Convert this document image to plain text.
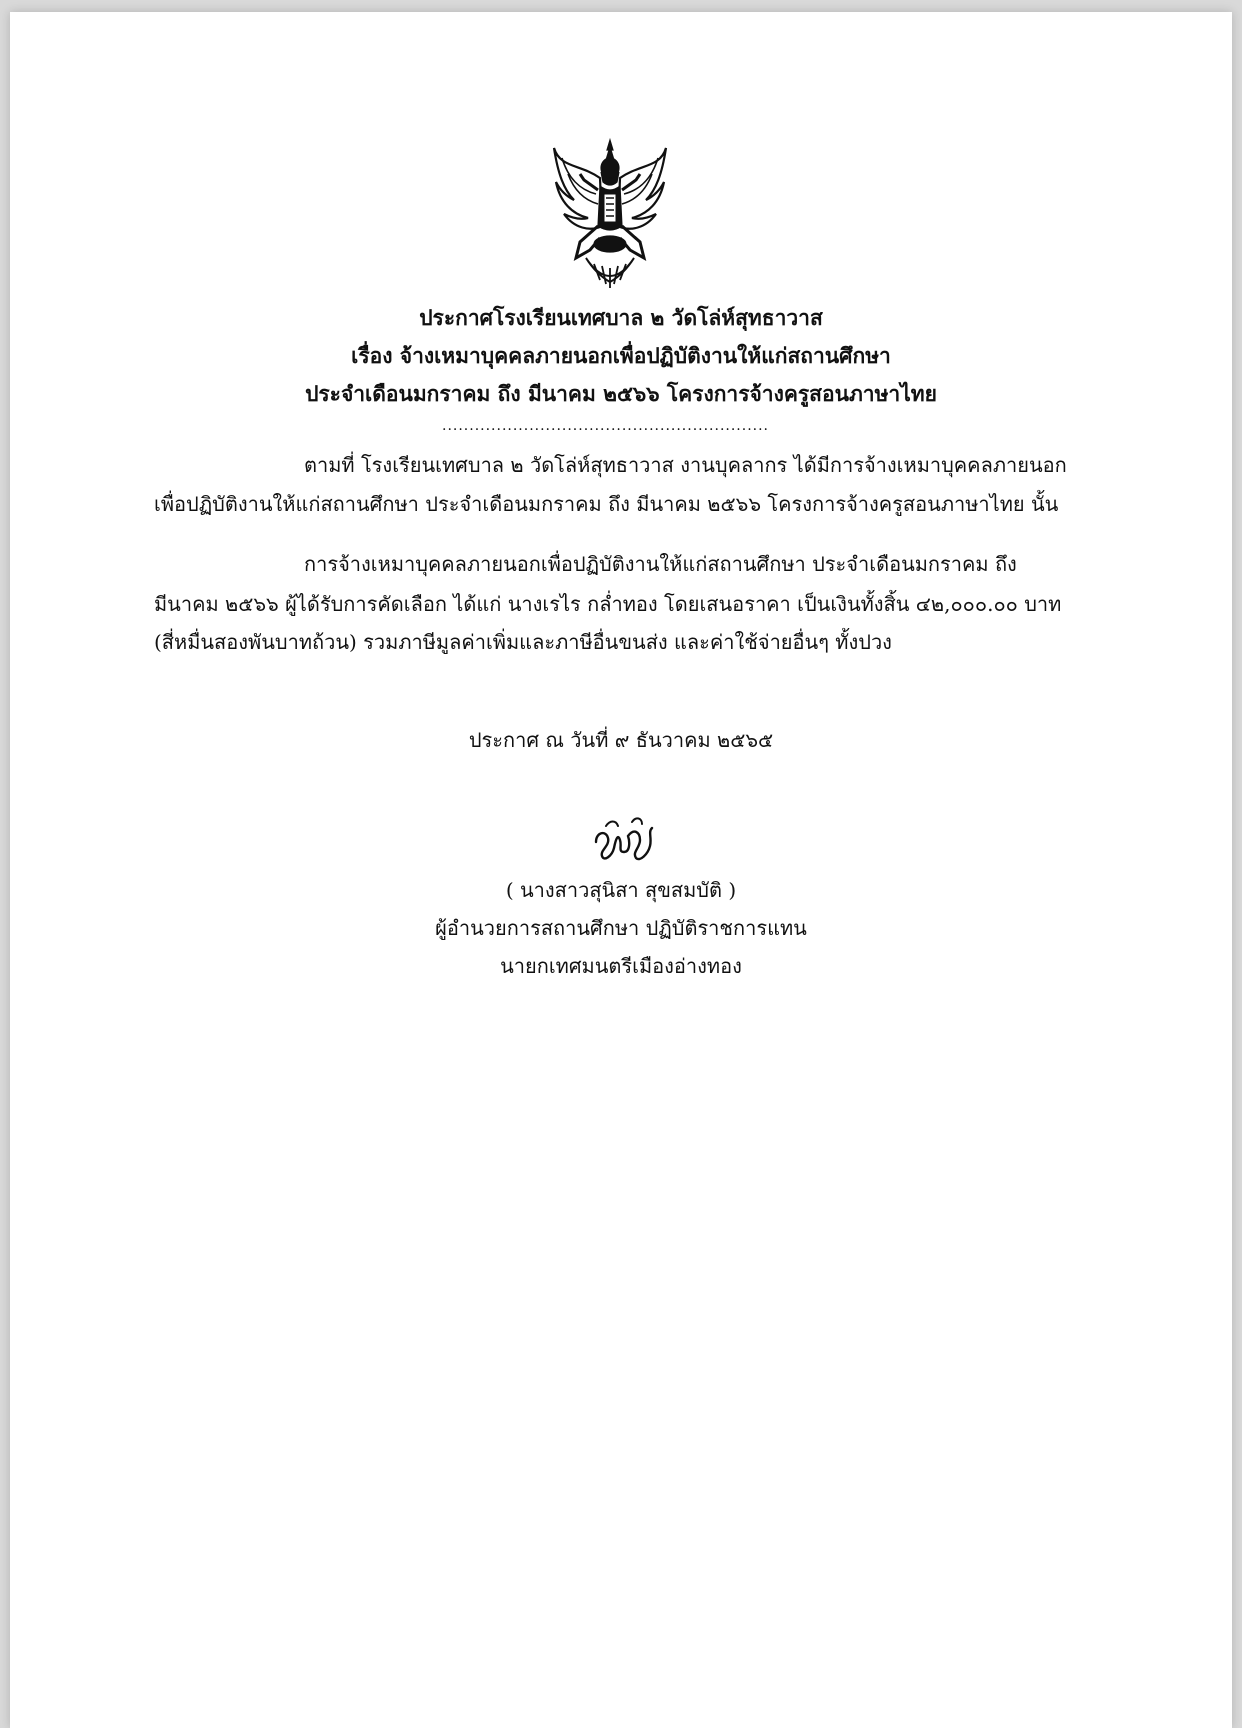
ประกาศโรงเรียนเทศบาล ๒ วัดโล่ห์สุทธาวาส
เรื่อง จ้างเหมาบุคคลภายนอกเพื่อปฏิบัติงานให้แก่สถานศึกษา
ประจำเดือนมกราคม ถึง มีนาคม ๒๕๖๖ โครงการจ้างครูสอนภาษาไทย
............................................................
ตามที่ โรงเรียนเทศบาล ๒ วัดโล่ห์สุทธาวาส งานบุคลากร ได้มีการจ้างเหมาบุคคลภายนอก
เพื่อปฏิบัติงานให้แก่สถานศึกษา ประจำเดือนมกราคม ถึง มีนาคม ๒๕๖๖ โครงการจ้างครูสอนภาษาไทย นั้น
การจ้างเหมาบุคคลภายนอกเพื่อปฏิบัติงานให้แก่สถานศึกษา ประจำเดือนมกราคม ถึง
มีนาคม ๒๕๖๖ ผู้ได้รับการคัดเลือก ได้แก่ นางเรไร กล่ำทอง โดยเสนอราคา เป็นเงินทั้งสิ้น ๔๒,๐๐๐.๐๐ บาท
(สี่หมื่นสองพันบาทถ้วน) รวมภาษีมูลค่าเพิ่มและภาษีอื่นขนส่ง และค่าใช้จ่ายอื่นๆ ทั้งปวง
ประกาศ ณ วันที่ ๙ ธันวาคม ๒๕๖๕
( นางสาวสุนิสา สุขสมบัติ )
ผู้อำนวยการสถานศึกษา ปฏิบัติราชการแทน
นายกเทศมนตรีเมืองอ่างทอง
